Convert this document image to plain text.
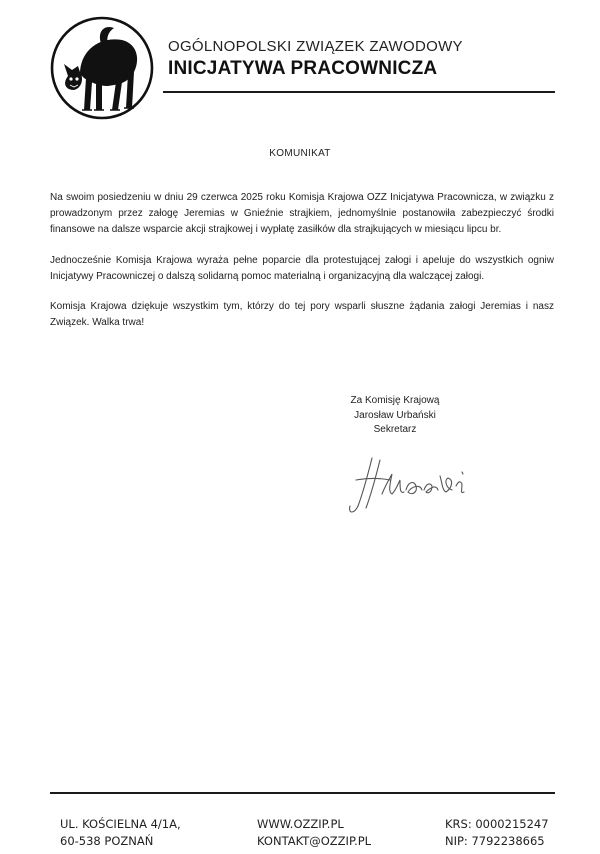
OGÓLNOPOLSKI ZWIĄZEK ZAWODOWY
INICJATYWA PRACOWNICZA
KOMUNIKAT

Na swoim posiedzeniu w dniu 29 czerwca 2025 roku Komisja Krajowa OZZ Inicjatywa Pracownicza, w związku z prowadzonym przez załogę Jeremias w Gnieźnie strajkiem, jednomyślnie postanowiła zabezpieczyć środki finansowe na dalsze wsparcie akcji strajkowej i wypłatę zasiłków dla strajkujących w miesiącu lipcu br.

Jednocześnie Komisja Krajowa wyraża pełne poparcie dla protestującej załogi i apeluje do wszystkich ogniw Inicjatywy Pracowniczej o dalszą solidarną pomoc materialną i organizacyjną dla walczącej załogi.

Komisja Krajowa dziękuje wszystkim tym, którzy do tej pory wsparli słuszne żądania załogi Jeremias i nasz Związek. Walka trwa!

Za Komisję Krajową
Jarosław Urbański
Sekretarz
UL. KOŚCIELNA 4/1A,
60-538 POZNAŃ
WWW.OZZIP.PL
KONTAKT@OZZIP.PL
KRS: 0000215247
NIP: 7792238665
